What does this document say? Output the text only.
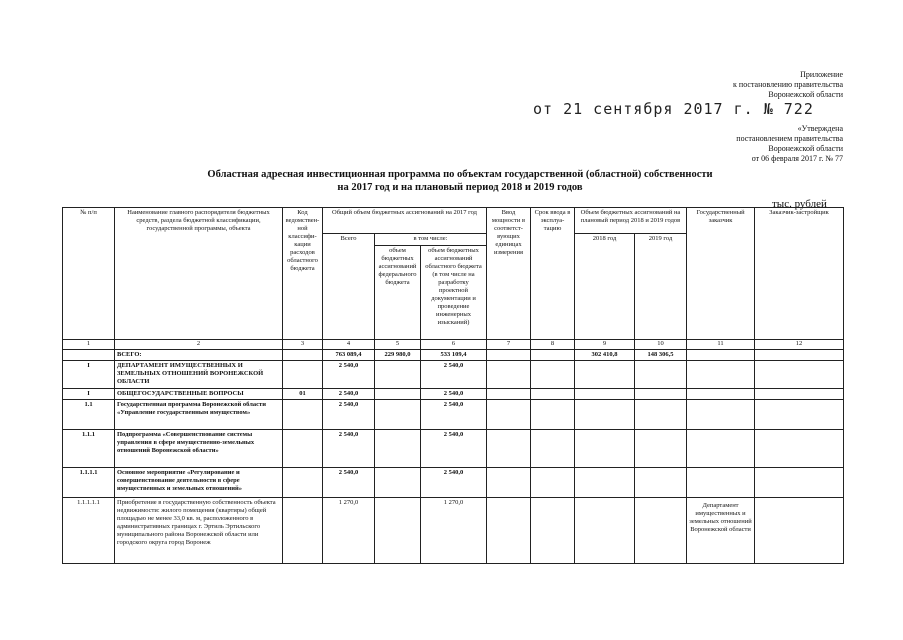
Приложение
к постановлению правительства
Воронежской области
от 21 сентября 2017 г. № 722
«Утверждена
постановлением правительства
Воронежской области
от 06 февраля 2017 г. № 77
Областная адресная инвестиционная программа по объектам государственной (областной) собственности
на 2017 год и на плановый период 2018 и 2019 годов
тыс. рублей
№ п/п	Наименование главного распорядителя бюджетных средств, раздела бюджетной классификации, государственной программы, объекта	Код ведомствен-ной классифи-кации расходов областного бюджета	Общий объем бюджетных ассигнований на 2017 год			Ввод мощности в соответст-вующих единицах измерения	Срок ввода в эксплуа-тацию	Объем бюджетных ассигнований на плановый период 2018 и 2019 годов		Государственный заказчик	Заказчик-застройщик
			Всего	в том числе:				2018 год	2019 год		
				объем бюджетных ассигнований федерального бюджета	объем бюджетных ассигнований областного бюджета (в том числе на разработку проектной документации и проведение инженерных изысканий)						
1	2	3	4	5	6	7	8	9	10	11	12
	ВСЕГО:		763 089,4	229 980,0	533 109,4			302 410,8	148 306,5		
I	ДЕПАРТАМЕНТ ИМУЩЕСТВЕННЫХ И ЗЕМЕЛЬНЫХ ОТНОШЕНИЙ ВОРОНЕЖСКОЙ ОБЛАСТИ		2 540,0		2 540,0						
I	ОБЩЕГОСУДАРСТВЕННЫЕ ВОПРОСЫ	01	2 540,0		2 540,0						
1.1	Государственная программа Воронежской области «Управление государственным имуществом»		2 540,0		2 540,0						
1.1.1	Подпрограмма «Совершенствование системы управления в сфере имущественно-земельных отношений Воронежской области»		2 540,0		2 540,0						
1.1.1.1	Основное мероприятие «Регулирование и совершенствование деятельности в сфере имущественных и земельных отношений»		2 540,0		2 540,0						
1.1.1.1.1	Приобретение в государственную собственность объекта недвижимости: жилого помещения (квартиры) общей площадью не менее 33,0 кв. м, расположенного в административных границах г. Эртиль Эртильского муниципального района Воронежской области или городского округа город Воронеж		1 270,0		1 270,0					Департамент имущественных и земельных отношений Воронежской области	
